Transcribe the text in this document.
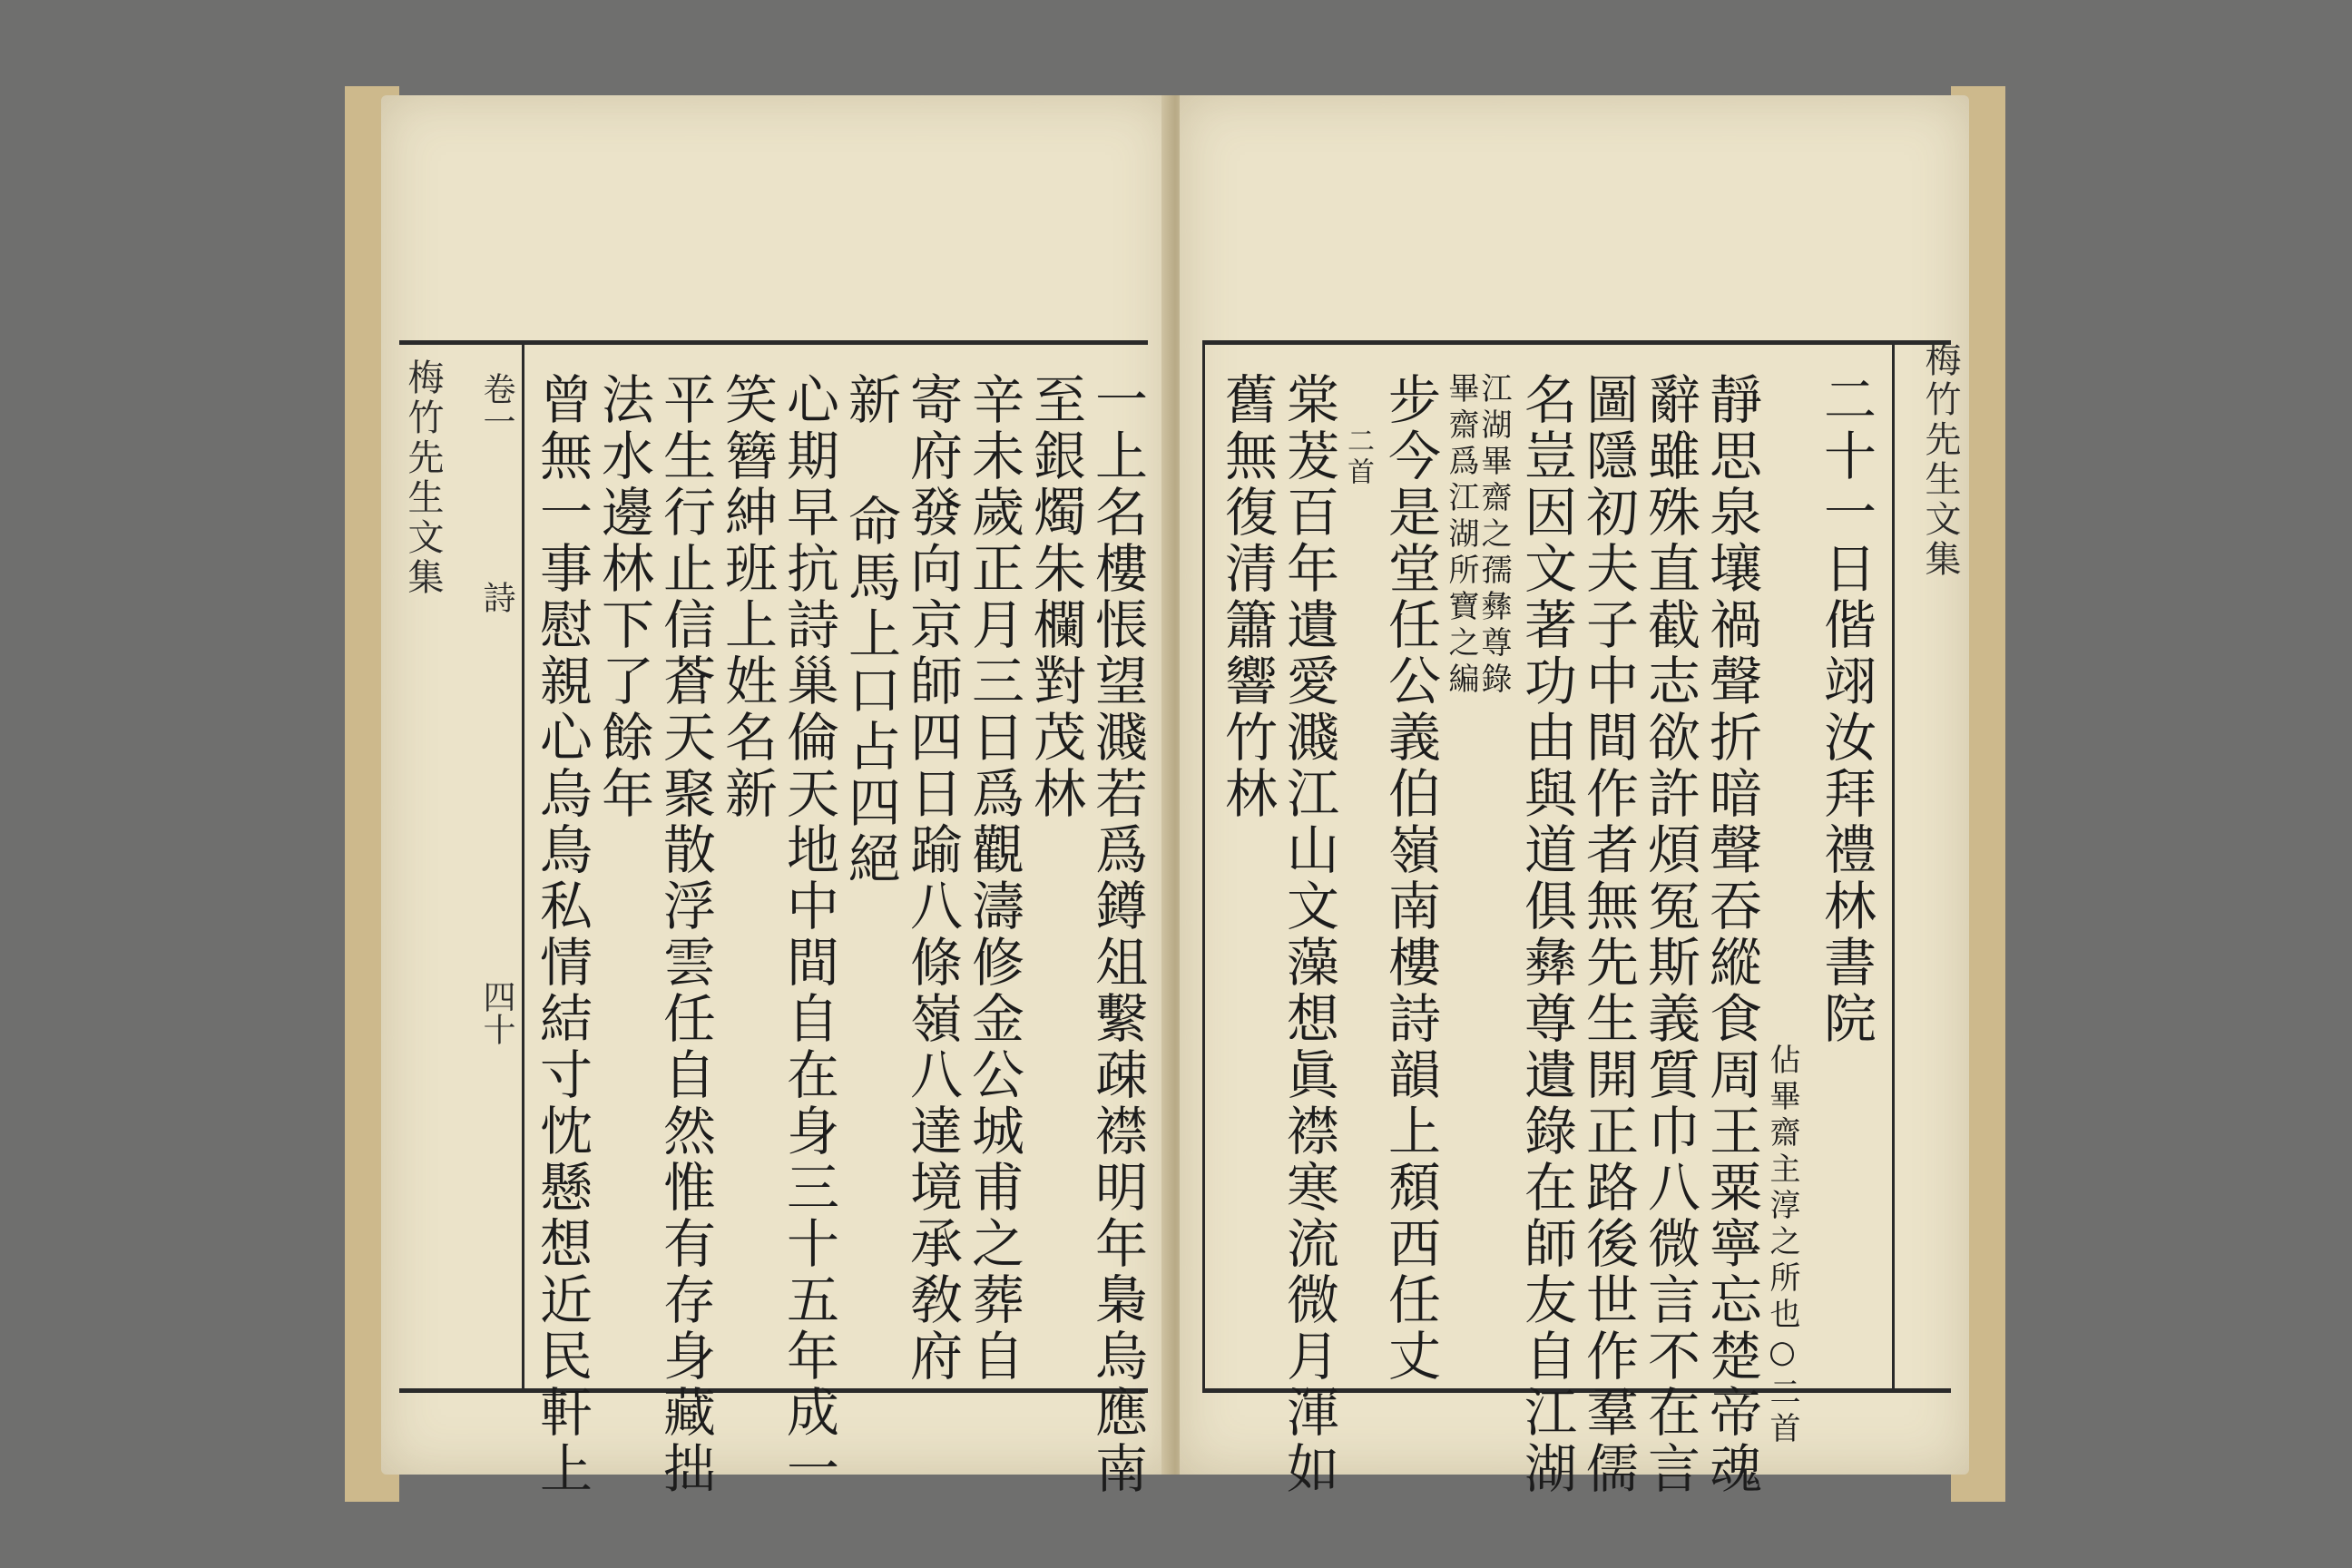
梅竹先生文集 卷一
詩
四十 曾無一事慰親心烏鳥私情結寸忱懸想近民軒上 法水邊林下了餘年 平生行止信蒼天聚散浮雲任自然惟有存身藏拙 笑簪紳班上姓名新 心期早抗詩巢倫天地中間自在身三十五年成一 新 命馬上口占四絕 寄府發向京師四日踰八條嶺八達境承敎府 辛未歲正月三日爲觀濤修金公城甫之葬自 至銀燭朱欄對茂林 一上名樓悵望濺若爲鐏俎繫疎襟明年梟烏應南	梅竹先生文集
舊無復清簫響竹林 棠茇百年遺愛濺江山文藻想眞襟寒流微月渾如 二首 步今是堂任公義伯嶺南樓詩韻上頹西任丈 畢齋爲江湖所寶之編
江湖畢齋之孺彝尊錄 名豈因文著功由與道俱彝尊遺錄在師友自江湖 圖隱初夫子中間作者無先生開正路後世作羣儒 辭雖殊直截志欲許煩冤斯義質巾八微言不在言 靜思泉壤禍聲折暗聲吞縱食周王粟寧忘楚帝魂 佔畢齋主淳之所也○二首
二十一日偕翊汝拜禮林書院
